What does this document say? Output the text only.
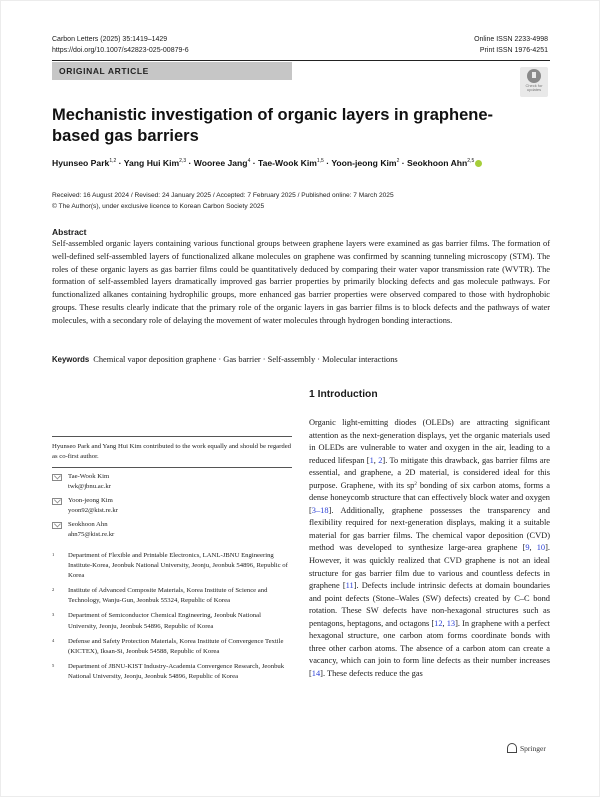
Carbon Letters (2025) 35:1419–1429
https://doi.org/10.1007/s42823-025-00879-6
Online ISSN 2233-4998
Print ISSN 1976-4251
ORIGINAL ARTICLE
Check for
updates
Mechanistic investigation of organic layers in graphene-based gas barriers
Hyunseo Park$^{1,2}$ · Yang Hui Kim$^{2,3}$ · Wooree Jang$^4$ · Tae-Wook Kim$^{1,5}$ · Yoon-jeong Kim$^2$ · Seokhoon Ahn$^{2,5}$
Received: 16 August 2024 / Revised: 24 January 2025 / Accepted: 7 February 2025 / Published online: 7 March 2025
© The Author(s), under exclusive licence to Korean Carbon Society 2025
Abstract
Self-assembled organic layers containing various functional groups between graphene layers were examined as gas barrier films. The formation of well-defined self-assembled layers of functionalized alkane molecules on graphene was confirmed by scanning tunneling microscopy (STM). The roles of these organic layers as gas barrier films could be quantitatively deduced by comparing their water vapor transmission rate (WVTR). The formation of self-assembled layers dramatically improved gas barrier properties by primarily blocking defects and gas molecule pathways. For functionalized alkanes containing hydrophilic groups, more enhanced gas barrier properties were observed compared to those with hydrophobic groups. These results clearly indicate that the primary role of the organic layers in gas barrier films is to block defects and the pathways of water molecules, with a secondary role of delaying the movement of water molecules through hydrogen bonding interactions.
Keywords Chemical vapor deposition graphene · Gas barrier · Self-assembly · Molecular interactions
Hyunseo Park and Yang Hui Kim contributed to the work equally and should be regarded as co-first author.
Tae-Wook Kim
twk@jbnu.ac.kr
Yoon-jeong Kim
yoon92@kist.re.kr
Seokhoon Ahn
ahn75@kist.re.kr
1	Department of Flexible and Printable Electronics, LANL-JBNU Engineering Institute-Korea, Jeonbuk National University, Jeonju, Jeonbuk 54896, Republic of Korea
2	Institute of Advanced Composite Materials, Korea Institute of Science and Technology, Wanju-Gun, Jeonbuk 55324, Republic of Korea
3	Department of Semiconductor Chemical Engineering, Jeonbuk National University, Jeonju, Jeonbuk 54896, Republic of Korea
4	Defense and Safety Protection Materials, Korea Institute of Convergence Textile (KICTEX), Iksan-Si, Jeonbuk 54588, Republic of Korea
5	Department of JBNU-KIST Industry-Academia Convergence Research, Jeonbuk National University, Jeonju, Jeonbuk 54896, Republic of Korea
1 Introduction
Organic light-emitting diodes (OLEDs) are attracting significant attention as the next-generation displays, yet the organic materials used in OLEDs are vulnerable to water and oxygen in the air, leading to a reduced lifespan [1, 2]. To mitigate this drawback, gas barrier films are essential, and graphene, a 2D material, is considered ideal for this purpose. Graphene, with its $sp^2$ bonding of six carbon atoms, forms a dense honeycomb structure that can effectively block water and oxygen [3–18]. Additionally, graphene possesses the transparency and flexibility required for next-generation displays, making it a suitable material for gas barrier films. The chemical vapor deposition (CVD) method was developed to synthesize large-area graphene [9, 10]. However, it was quickly realized that CVD graphene is not an ideal structure for gas barrier film due to various and countless defects in graphene [11]. Defects include intrinsic defects at domain boundaries and point defects (Stone–Wales (SW) defects) created by C–C bond rotation. These SW defects have non-hexagonal structures such as pentagons, heptagons, and octagons [12, 13]. In graphene with a perfect hexagonal structure, one carbon atom forms coordinate bonds with three other carbon atoms. The absence of a carbon atom can create a vacancy, which can join to form line defects as their number increases [14]. These defects reduce the gas
Springer
